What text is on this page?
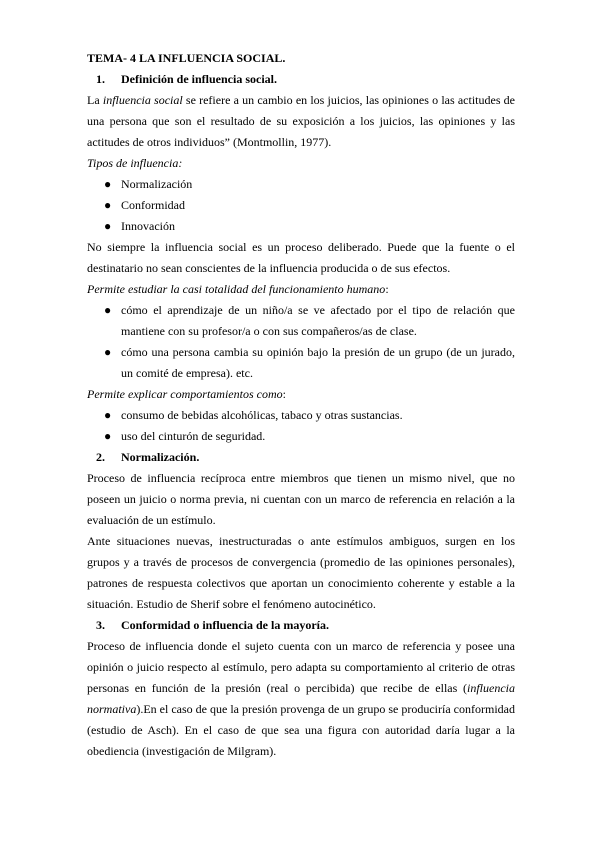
TEMA- 4 LA INFLUENCIA SOCIAL.

1.	Definición de influencia social.

La influencia social se refiere a un cambio en los juicios, las opiniones o las actitudes de una persona que son el resultado de su exposición a los juicios, las opiniones y las actitudes de otros individuos” (Montmollin, 1977).

Tipos de influencia:

● Normalización
● Conformidad
● Innovación

No siempre la influencia social es un proceso deliberado. Puede que la fuente o el destinatario no sean conscientes de la influencia producida o de sus efectos.

Permite estudiar la casi totalidad del funcionamiento humano:

● cómo el aprendizaje de un niño/a se ve afectado por el tipo de relación que mantiene con su profesor/a o con sus compañeros/as de clase.
● cómo una persona cambia su opinión bajo la presión de un grupo (de un jurado, un comité de empresa). etc.

Permite explicar comportamientos como:

● consumo de bebidas alcohólicas, tabaco y otras sustancias.
● uso del cinturón de seguridad.
2.	Normalización.

Proceso de influencia recíproca entre miembros que tienen un mismo nivel, que no poseen un juicio o norma previa, ni cuentan con un marco de referencia en relación a la evaluación de un estímulo.

Ante situaciones nuevas, inestructuradas o ante estímulos ambiguos, surgen en los grupos y a través de procesos de convergencia (promedio de las opiniones personales), patrones de respuesta colectivos que aportan un conocimiento coherente y estable a la situación. Estudio de Sherif sobre el fenómeno autocinético.

3.	Conformidad o influencia de la mayoría.

Proceso de influencia donde el sujeto cuenta con un marco de referencia y posee una opinión o juicio respecto al estímulo, pero adapta su comportamiento al criterio de otras personas en función de la presión (real o percibida) que recibe de ellas (influencia normativa).En el caso de que la presión provenga de un grupo se produciría conformidad (estudio de Asch). En el caso de que sea una figura con autoridad daría lugar a la obediencia (investigación de Milgram).
